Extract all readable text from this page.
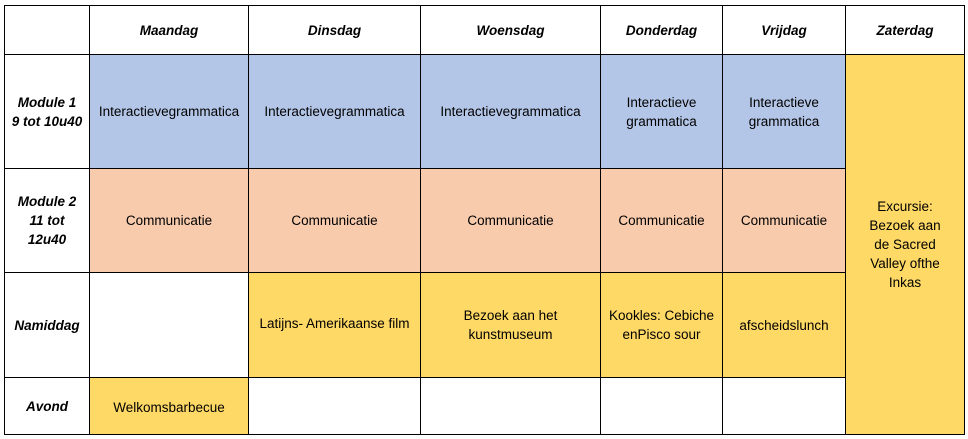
	Maandag	Dinsdag	Woensdag	Donderdag	Vrijdag	Zaterdag
Module 1
9 tot 10u40	Interactievegrammatica	Interactievegrammatica	Interactievegrammatica	Interactieve grammatica	Interactieve grammatica	Excursie: Bezoek aan de Sacred Valley ofthe Inkas

Module 2
11 tot
12u40	Communicatie	Communicatie	Communicatie	Communicatie	Communicatie	
Namiddag		Latijns- Amerikaanse film	Bezoek aan het kunstmuseum	Kookles: Cebiche enPisco sour	afscheidslunch	
Avond	Welkomsbarbecue					
